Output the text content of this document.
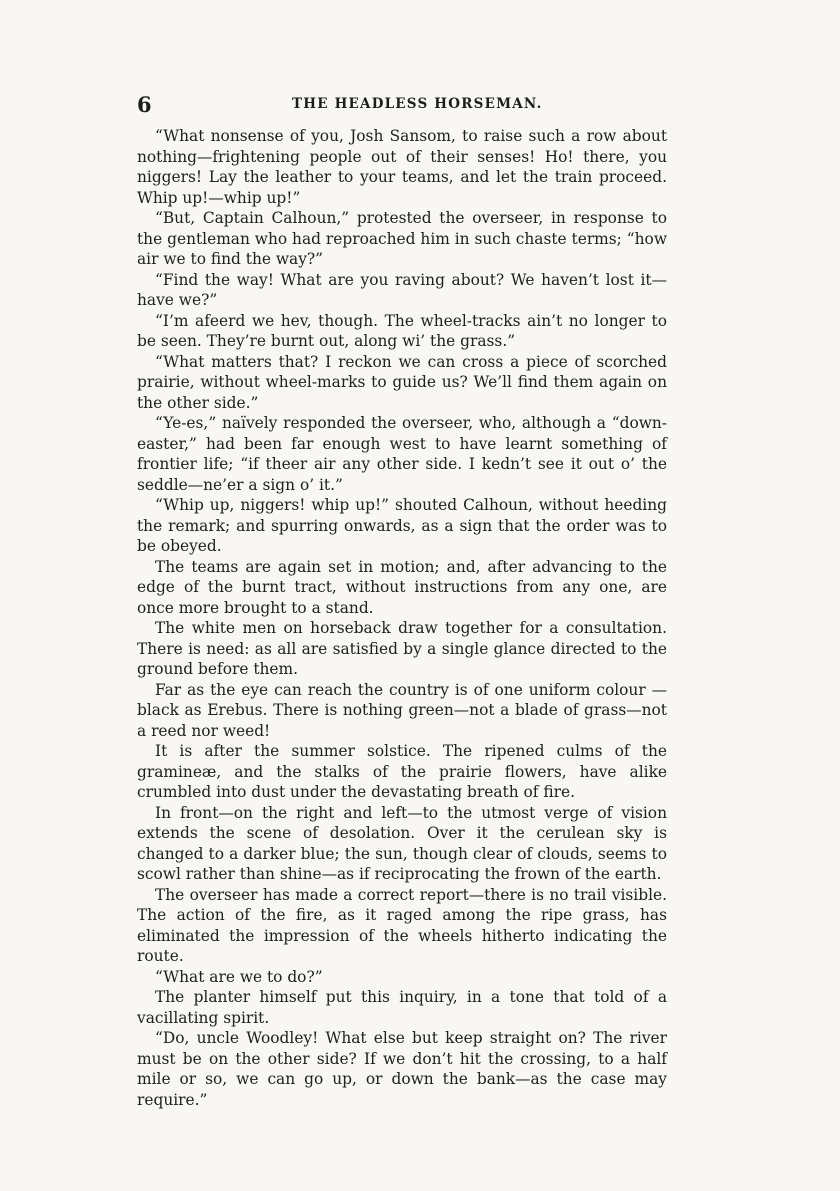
6	THE HEADLESS HORSEMAN.

“What nonsense of you, Josh Sansom, to raise such a row about nothing—frightening people out of their senses! Ho! there, you niggers! Lay the leather to your teams, and let the train proceed. Whip up!—whip up!”

“But, Captain Calhoun,” protested the overseer, in response to the gentleman who had reproached him in such chaste terms; “how air we to find the way?”

“Find the way! What are you raving about? We haven’t lost it—have we?”

“I’m afeerd we hev, though. The wheel-tracks ain’t no longer to be seen. They’re burnt out, along wi’ the grass.”

“What matters that? I reckon we can cross a piece of scorched prairie, without wheel-marks to guide us? We’ll find them again on the other side.”

“Ye-es,” naïvely responded the overseer, who, although a “down-easter,” had been far enough west to have learnt something of frontier life; “if theer air any other side. I kedn’t see it out o’ the seddle—ne’er a sign o’ it.”

“Whip up, niggers! whip up!” shouted Calhoun, without heeding the remark; and spurring onwards, as a sign that the order was to be obeyed.

The teams are again set in motion; and, after advancing to the edge of the burnt tract, without instructions from any one, are once more brought to a stand.

The white men on horseback draw together for a consultation. There is need: as all are satisfied by a single glance directed to the ground before them.

Far as the eye can reach the country is of one uniform colour —black as Erebus. There is nothing green—not a blade of grass—not a reed nor weed!

It is after the summer solstice. The ripened culms of the gramineæ, and the stalks of the prairie flowers, have alike crumbled into dust under the devastating breath of fire.

In front—on the right and left—to the utmost verge of vision extends the scene of desolation. Over it the cerulean sky is changed to a darker blue; the sun, though clear of clouds, seems to scowl rather than shine—as if reciprocating the frown of the earth.

The overseer has made a correct report—there is no trail visible. The action of the fire, as it raged among the ripe grass, has eliminated the impression of the wheels hitherto indicating the route.

“What are we to do?”

The planter himself put this inquiry, in a tone that told of a vacillating spirit.

“Do, uncle Woodley! What else but keep straight on? The river must be on the other side? If we don’t hit the crossing, to a half mile or so, we can go up, or down the bank—as the case may require.”
